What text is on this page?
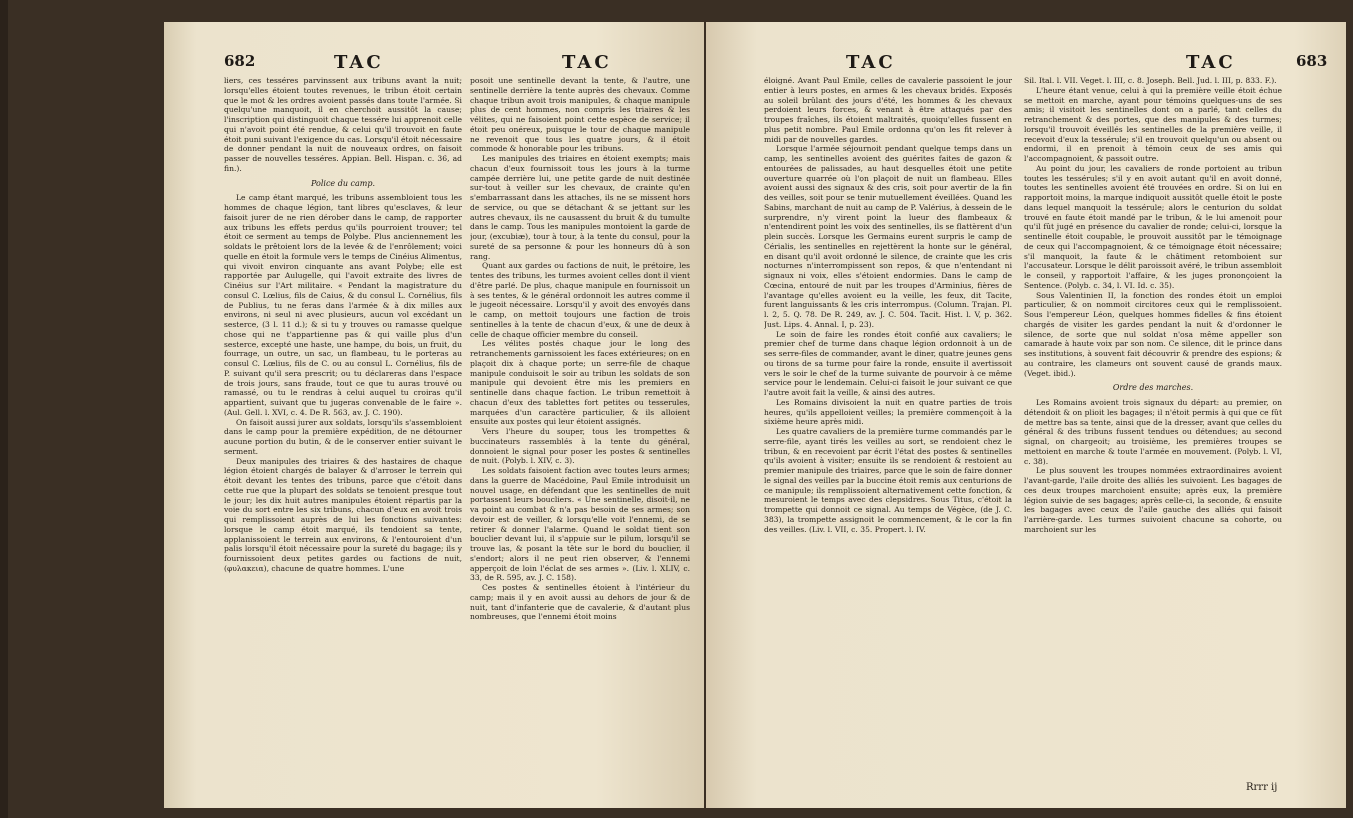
682	TAC	TAC

liers, ces tesséres parvinssent aux tribuns avant la nuit; lorsqu'elles étoient toutes revenues, le tribun étoit certain que le mot & les ordres avoient passés dans toute l'armée. Si quelqu'une manquoit, il en cherchoit aussitôt la cause; l'inscription qui distinguoit chaque tessére lui apprenoit celle qui n'avoit point été rendue, & celui qu'il trouvoit en faute étoit puni suivant l'exigence du cas. Lorsqu'il étoit nécessaire de donner pendant la nuit de nouveaux ordres, on faisoit passer de nouvelles tesséres. Appian. Bell. Hispan. c. 36, ad fin.).

Police du camp.

Le camp étant marqué, les tribuns assembloient tous les hommes de chaque légion, tant libres qu'esclaves, & leur faisoit jurer de ne rien dérober dans le camp, de rapporter aux tribuns les effets perdus qu'ils pourroient trouver; tel étoit ce serment au temps de Polybe. Plus anciennement les soldats le prêtoient lors de la levée & de l'enrôlement; voici quelle en étoit la formule vers le temps de Cinéius Alimentus, qui vivoit environ cinquante ans avant Polybe; elle est rapportée par Aulugelle, qui l'avoit extraite des livres de Cinéius sur l'Art militaire. « Pendant la magistrature du consul C. Lœlius, fils de Caius, & du consul L. Cornélius, fils de Publius, tu ne feras dans l'armée & à dix milles aux environs, ni seul ni avec plusieurs, aucun vol excédant un sesterce, (3 l. 11 d.); & si tu y trouves ou ramasse quelque chose qui ne t'appartienne pas & qui vaille plus d'un sesterce, excepté une haste, une hampe, du bois, un fruit, du fourrage, un outre, un sac, un flambeau, tu le porteras au consul C. Lœlius, fils de C. ou au consul L. Cornélius, fils de P. suivant qu'il sera prescrit; ou tu déclareras dans l'espace de trois jours, sans fraude, tout ce que tu auras trouvé ou ramassé, ou tu le rendras à celui auquel tu croiras qu'il appartient, suivant que tu jugeras convenable de le faire ». (Aul. Gell. l. XVI, c. 4. De R. 563, av. J. C. 190).

On faisoit aussi jurer aux soldats, lorsqu'ils s'assembloient dans le camp pour la première expédition, de ne détourner aucune portion du butin, & de le conserver entier suivant le serment.

Deux manipules des triaires & des hastaires de chaque légion étoient chargés de balayer & d'arroser le terrein qui étoit devant les tentes des tribuns, parce que c'étoit dans cette rue que la plupart des soldats se tenoient presque tout le jour; les dix huit autres manipules étoient répartis par la voie du sort entre les six tribuns, chacun d'eux en avoit trois qui remplissoient auprès de lui les fonctions suivantes: lorsque le camp étoit marqué, ils tendoient sa tente, applanissoient le terrein aux environs, & l'entouroient d'un palis lorsqu'il étoit nécessaire pour la sureté du bagage; ils y fournissoient deux petites gardes ou factions de nuit, (φυλακεια), chacune de quatre hommes. L'une

posoit une sentinelle devant la tente, & l'autre, une sentinelle derrière la tente auprès des chevaux. Comme chaque tribun avoit trois manipules, & chaque manipule plus de cent hommes, non compris les triaires & les vélites, qui ne faisoient point cette espèce de service; il étoit peu onéreux, puisque le tour de chaque manipule ne revenoit que tous les quatre jours, & il étoit commode & honorable pour les tribuns.

Les manipules des triaires en étoient exempts; mais chacun d'eux fournissoit tous les jours à la turme campée derrière lui, une petite garde de nuit destinée sur-tout à veiller sur les chevaux, de crainte qu'en s'embarrassant dans les attaches, ils ne se missent hors de service, ou que se détachant & se jettant sur les autres chevaux, ils ne causassent du bruit & du tumulte dans le camp. Tous les manipules montoient la garde de jour, (excubiæ), tour à tour, à la tente du consul, pour la sureté de sa personne & pour les honneurs dû à son rang.

Quant aux gardes ou factions de nuit, le prétoire, les tentes des tribuns, les turmes avoient celles dont il vient d'être parlé. De plus, chaque manipule en fournissoit un à ses tentes, & le général ordonnoit les autres comme il le jugeoit nécessaire. Lorsqu'il y avoit des envoyés dans le camp, on mettoit toujours une faction de trois sentinelles à la tente de chacun d'eux, & une de deux à celle de chaque officier membre du conseil.

Les vélites postés chaque jour le long des retranchements garnissoient les faces extérieures; on en plaçoit dix à chaque porte; un serre-file de chaque manipule conduisoit le soir au tribun les soldats de son manipule qui devoient être mis les premiers en sentinelle dans chaque faction. Le tribun remettoit à chacun d'eux des tablettes fort petites ou tesserules, marquées d'un caractère particulier, & ils alloient ensuite aux postes qui leur étoient assignés.

Vers l'heure du souper, tous les trompettes & buccinateurs rassemblés à la tente du général, donnoient le signal pour poser les postes & sentinelles de nuit. (Polyb. l. XIV, c. 3).

Les soldats faisoient faction avec toutes leurs armes; dans la guerre de Macédoine, Paul Emile introduisit un nouvel usage, en défendant que les sentinelles de nuit portassent leurs boucliers. « Une sentinelle, disoit-il, ne va point au combat & n'a pas besoin de ses armes; son devoir est de veiller, & lorsqu'elle voit l'ennemi, de se retirer & donner l'alarme. Quand le soldat tient son bouclier devant lui, il s'appuie sur le pilum, lorsqu'il se trouve las, & posant la tête sur le bord du bouclier, il s'endort; alors il ne peut rien observer, & l'ennemi apperçoit de loin l'éclat de ses armes ». (Liv. l. XLIV, c. 33, de R. 595, av. J. C. 158).

Ces postes & sentinelles étoient à l'intérieur du camp; mais il y en avoit aussi au dehors de jour & de nuit, tant d'infanterie que de cavalerie, & d'autant plus nombreuses, que l'ennemi étoit moins

TAC	TAC	683

éloigné. Avant Paul Emile, celles de cavalerie passoient le jour entier à leurs postes, en armes & les chevaux bridés. Exposés au soleil brûlant des jours d'été, les hommes & les chevaux perdoient leurs forces, & venant à être attaqués par des troupes fraîches, ils étoient maltraités, quoiqu'elles fussent en plus petit nombre. Paul Emile ordonna qu'on les fit relever à midi par de nouvelles gardes.

Lorsque l'armée séjournoit pendant quelque temps dans un camp, les sentinelles avoient des guérites faites de gazon & entourées de palissades, au haut desquelles étoit une petite ouverture quarrée où l'on plaçoit de nuit un flambeau. Elles avoient aussi des signaux & des cris, soit pour avertir de la fin des veilles, soit pour se tenir mutuellement éveillées. Quand les Sabins, marchant de nuit au camp de P. Valérius, à dessein de le surprendre, n'y virent point la lueur des flambeaux & n'entendirent point les voix des sentinelles, ils se flattèrent d'un plein succès. Lorsque les Germains eurent surpris le camp de Cérialis, les sentinelles en rejettèrent la honte sur le général, en disant qu'il avoit ordonné le silence, de crainte que les cris nocturnes n'interrompissent son repos, & que n'entendant ni signaux ni voix, elles s'étoient endormies. Dans le camp de Cœcina, entouré de nuit par les troupes d'Arminius, fières de l'avantage qu'elles avoient eu la veille, les feux, dit Tacite, furent languissants & les cris interrompus. (Column. Trajan. Pl. l. 2, 5. Q. 78. De R. 249, av. J. C. 504. Tacit. Hist. l. V, p. 362. Just. Lips. 4. Annal. I, p. 23).

Le soin de faire les rondes étoit confié aux cavaliers; le premier chef de turme dans chaque légion ordonnoit à un de ses serre-files de commander, avant le diner, quatre jeunes gens ou tirons de sa turme pour faire la ronde, ensuite il avertissoit vers le soir le chef de la turme suivante de pourvoir à ce même service pour le lendemain. Celui-ci faisoit le jour suivant ce que l'autre avoit fait la veille, & ainsi des autres.

Les Romains divisoient la nuit en quatre parties de trois heures, qu'ils appelloient veilles; la première commençoit à la sixième heure après midi.

Les quatre cavaliers de la première turme commandés par le serre-file, ayant tirés les veilles au sort, se rendoient chez le tribun, & en recevoient par écrit l'état des postes & sentinelles qu'ils avoient à visiter; ensuite ils se rendoient & restoient au premier manipule des triaires, parce que le soin de faire donner le signal des veilles par la buccine étoit remis aux centurions de ce manipule; ils remplissoient alternativement cette fonction, & mesuroient le temps avec des clepsidres. Sous Titus, c'étoit la trompette qui donnoit ce signal. Au temps de Végèce, (de J. C. 383), la trompette assignoit le commencement, & le cor la fin des veilles. (Liv. l. VII, c. 35. Propert. l. IV.

Sil. Ital. l. VII. Veget. l. III, c. 8. Joseph. Bell. Jud. l. III, p. 833. F.).

L'heure étant venue, celui à qui la première veille étoit échue se mettoit en marche, ayant pour témoins quelques-uns de ses amis; il visitoit les sentinelles dont on a parlé, tant celles du retranchement & des portes, que des manipules & des turmes; lorsqu'il trouvoit éveillés les sentinelles de la première veille, il recevoit d'eux la tessérule; s'il en trouvoit quelqu'un ou absent ou endormi, il en prenoit à témoin ceux de ses amis qui l'accompagnoient, & passoit outre.

Au point du jour, les cavaliers de ronde portoient au tribun toutes les tessérules; s'il y en avoit autant qu'il en avoit donné, toutes les sentinelles avoient été trouvées en ordre. Si on lui en rapportoit moins, la marque indiquoit aussitôt quelle étoit le poste dans lequel manquoit la tessérule; alors le centurion du soldat trouvé en faute étoit mandé par le tribun, & le lui amenoit pour qu'il fût jugé en présence du cavalier de ronde; celui-ci, lorsque la sentinelle étoit coupable, le prouvoit aussitôt par le témoignage de ceux qui l'accompagnoient, & ce témoignage étoit nécessaire; s'il manquoit, la faute & le châtiment retomboient sur l'accusateur. Lorsque le délit paroissoit avéré, le tribun assembloit le conseil, y rapportoit l'affaire, & les juges prononçoient la Sentence. (Polyb. c. 34, l. VI. Id. c. 35).

Sous Valentinien II, la fonction des rondes étoit un emploi particulier, & on nommoit circitores ceux qui le remplissoient. Sous l'empereur Léon, quelques hommes fidelles & fins étoient chargés de visiter les gardes pendant la nuit & d'ordonner le silence, de sorte que nul soldat n'osa même appeller son camarade à haute voix par son nom. Ce silence, dit le prince dans ses institutions, à souvent fait découvrir & prendre des espions; & au contraire, les clameurs ont souvent causé de grands maux. (Veget. ibid.).

Ordre des marches.

Les Romains avoient trois signaux du départ: au premier, on détendoit & on plioit les bagages; il n'étoit permis à qui que ce fût de mettre bas sa tente, ainsi que de la dresser, avant que celles du général & des tribuns fussent tendues ou détendues; au second signal, on chargeoit; au troisième, les premières troupes se mettoient en marche & toute l'armée en mouvement. (Polyb. l. VI, c. 38).

Le plus souvent les troupes nommées extraordinaires avoient l'avant-garde, l'aile droite des alliés les suivoient. Les bagages de ces deux troupes marchoient ensuite; après eux, la première légion suivie de ses bagages; après celle-ci, la seconde, & ensuite les bagages avec ceux de l'aile gauche des alliés qui faisoit l'arrière-garde. Les turmes suivoient chacune sa cohorte, ou marchoient sur les

Rrrr ij
